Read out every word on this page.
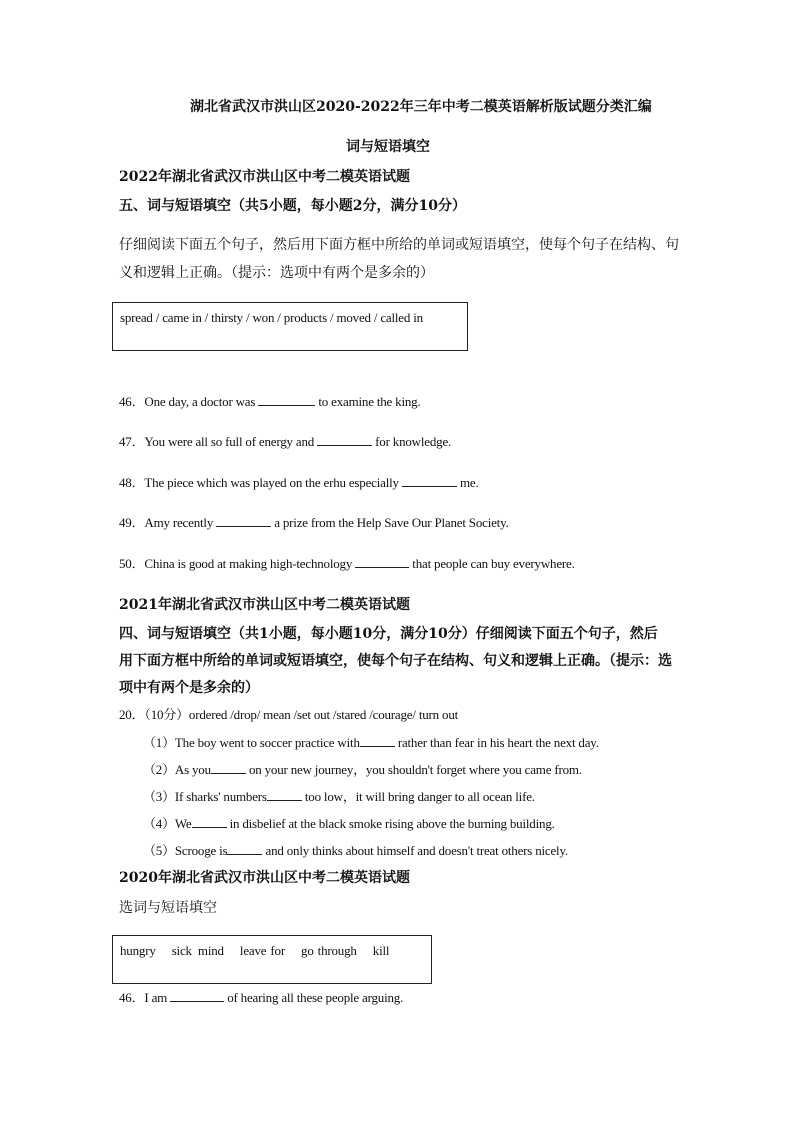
湖北省武汉市洪山区2020-2022年三年中考二模英语解析版试题分类汇编
词与短语填空
2022年湖北省武汉市洪山区中考二模英语试题
五、词与短语填空（共5小题，每小题2分，满分10分）
仔细阅读下面五个句子，然后用下面方框中所给的单词或短语填空，使每个句子在结构、句
义和逻辑上正确。（提示：选项中有两个是多余的）
spread / came in / thirsty / won / products / moved / called in
46．One day, a doctor was	to examine the king.
47．You were all so full of energy and	for knowledge.
48．The piece which was played on the erhu especially	me.
49．Amy recently	a prize from the Help Save Our Planet Society.
50．China is good at making high-technology	that people can buy everywhere.
2021年湖北省武汉市洪山区中考二模英语试题
四、词与短语填空（共1小题，每小题10分，满分10分）仔细阅读下面五个句子，然后
用下面方框中所给的单词或短语填空，使每个句子在结构、句义和逻辑上正确。（提示：选
项中有两个是多余的）
20．（10分）ordered /drop/ mean /set out /stared /courage/ turn out
（1）The boy went to soccer practice with	rather than fear in his heart the next day.
（2）As you	on your new journey，you shouldn't forget where you came from.
（3）If sharks' numbers	too low，it will bring danger to all ocean life.
（4）We	in disbelief at the black smoke rising above the burning building.
（5）Scrooge is	and only thinks about himself and doesn't treat others nicely.
2020年湖北省武汉市洪山区中考二模英语试题
选词与短语填空
hungry sick mind leave for go through kill
46．I am	of hearing all these people arguing.
